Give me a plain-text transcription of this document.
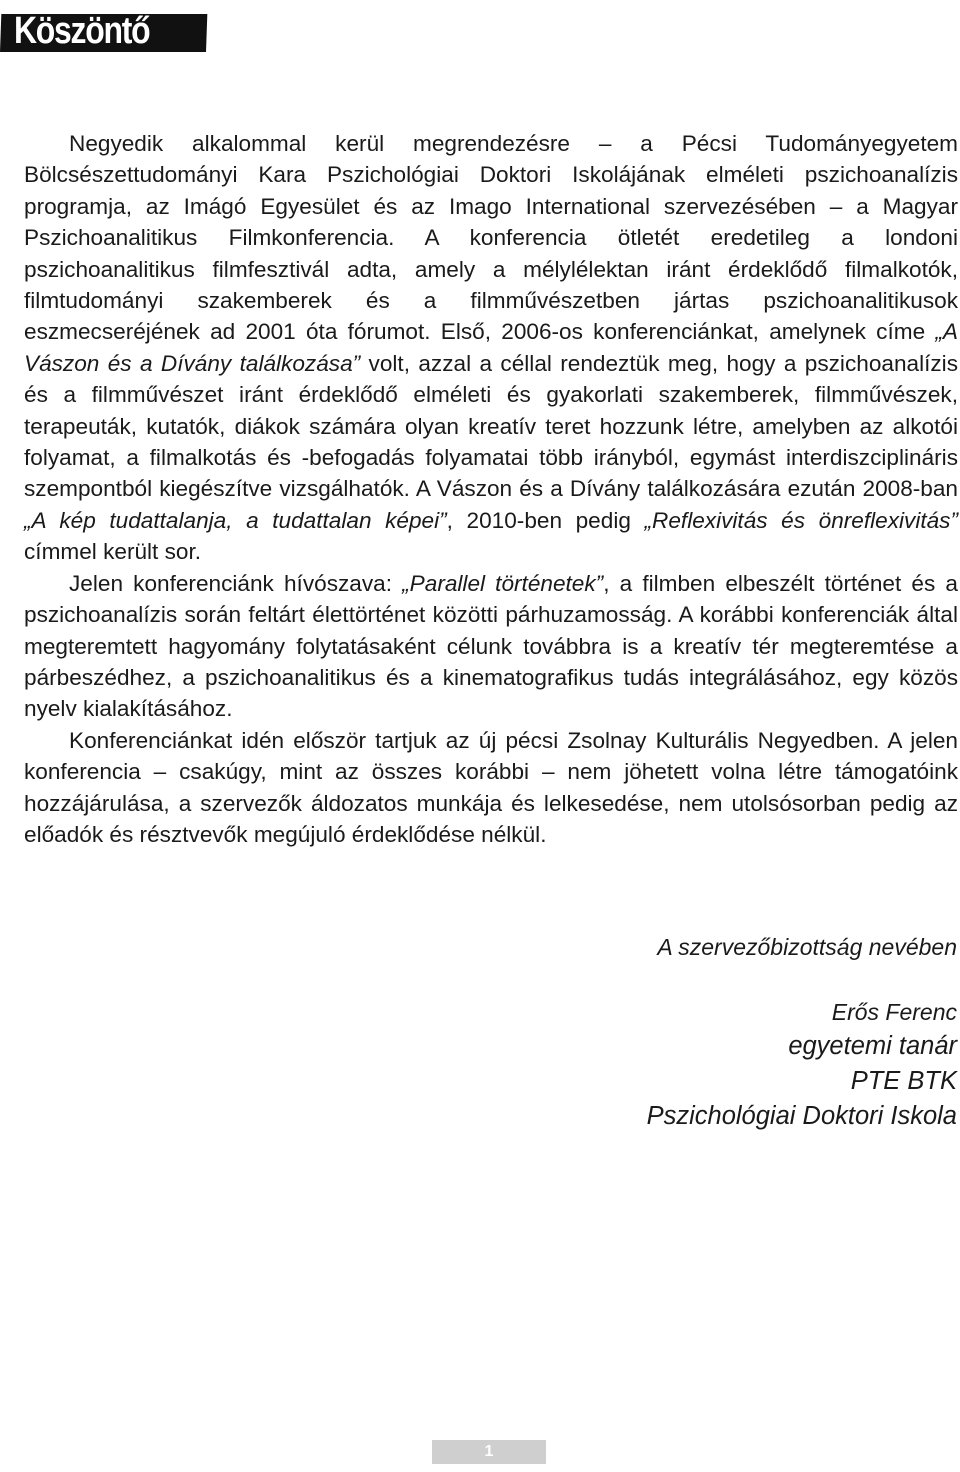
Köszöntő

Negyedik alkalommal kerül megrendezésre – a Pécsi Tudományegyetem Bölcsészettudományi Kara Pszichológiai Doktori Iskolájának elméleti pszichoanalízis programja, az Imágó Egyesület és az Imago International szervezésében – a Magyar Pszichoanalitikus Filmkonferencia. A konferencia ötletét eredetileg a londoni pszichoanalitikus filmfesztivál adta, amely a mélylélektan iránt érdeklődő filmalkotók, filmtudományi szakemberek és a filmművészetben jártas pszichoanalitikusok eszmecseréjének ad 2001 óta fórumot. Első, 2006-os konferenciánkat, amelynek címe „A Vászon és a Dívány találkozása” volt, azzal a céllal rendeztük meg, hogy a pszichoanalízis és a filmművészet iránt érdeklődő elméleti és gyakorlati szakemberek, filmművészek, terapeuták, kutatók, diákok számára olyan kreatív teret hozzunk létre, amelyben az alkotói folyamat, a filmalkotás és -befogadás folyamatai több irányból, egymást interdiszciplináris szempontból kiegészítve vizsgálhatók. A Vászon és a Dívány találkozására ezután 2008-ban „A kép tudattalanja, a tudattalan képei”, 2010-ben pedig „Reflexivitás és önreflexivitás” címmel került sor.

Jelen konferenciánk hívószava: „Parallel történetek”, a filmben elbeszélt történet és a pszichoanalízis során feltárt élettörténet közötti párhuzamosság. A korábbi konferenciák által megteremtett hagyomány folytatásaként célunk továbbra is a kreatív tér megteremtése a párbeszédhez, a pszichoanalitikus és a kinematografikus tudás integrálásához, egy közös nyelv kialakításához.

Konferenciánkat idén először tartjuk az új pécsi Zsolnay Kulturális Negyedben. A jelen konferencia – csakúgy, mint az összes korábbi – nem jöhetett volna létre támogatóink hozzájárulása, a szervezők áldozatos munkája és lelkesedése, nem utolsósorban pedig az előadók és résztvevők megújuló érdeklődése nélkül.

A szervezőbizottság nevében
Erős Ferenc
egyetemi tanár
PTE BTK
Pszichológiai Doktori Iskola
1
